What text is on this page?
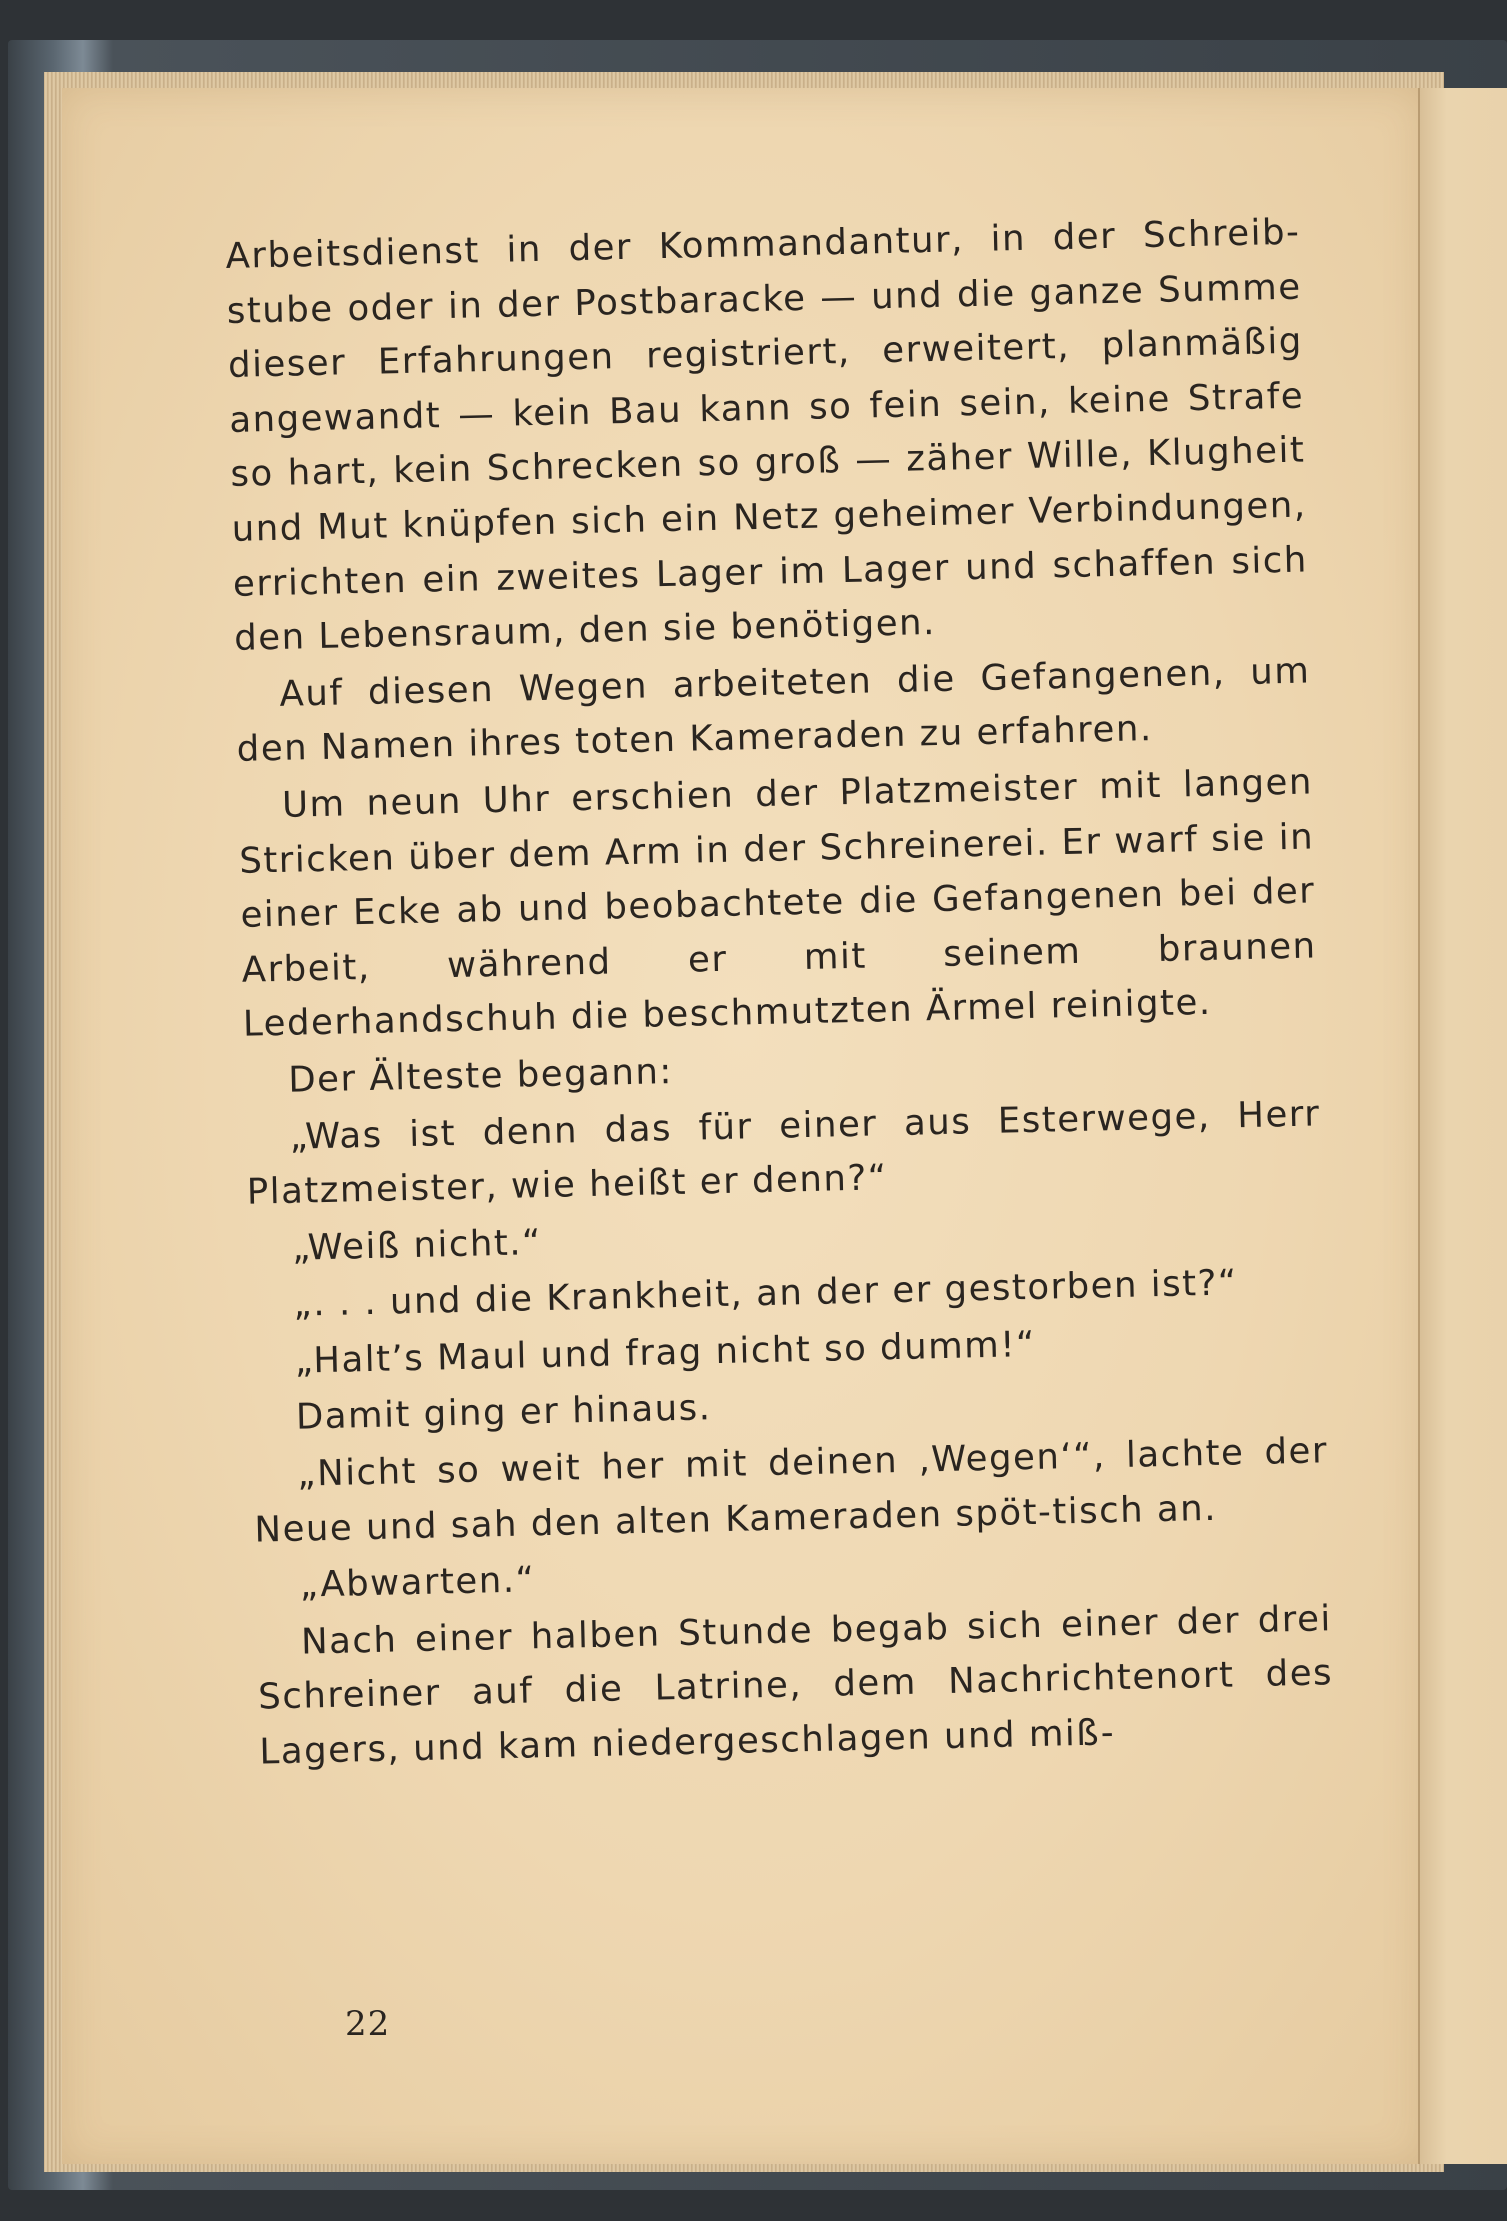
Arbeitsdienst in der Kommandantur, in der Schreib-stube oder in der Postbaracke — und die ganze Summe dieser Erfahrungen registriert, erweitert, planmäßig angewandt — kein Bau kann so fein sein, keine Strafe so hart, kein Schrecken so groß — zäher Wille, Klugheit und Mut knüpfen sich ein Netz geheimer Verbindungen, errichten ein zweites Lager im Lager und schaffen sich den Lebensraum, den sie benötigen.

Auf diesen Wegen arbeiteten die Gefangenen, um den Namen ihres toten Kameraden zu erfahren.

Um neun Uhr erschien der Platzmeister mit langen Stricken über dem Arm in der Schreinerei. Er warf sie in einer Ecke ab und beobachtete die Gefangenen bei der Arbeit, während er mit seinem braunen Lederhandschuh die beschmutzten Ärmel reinigte.

Der Älteste begann:

„Was ist denn das für einer aus Esterwege, Herr Platzmeister, wie heißt er denn?“

„Weiß nicht.“

„. . . und die Krankheit, an der er gestorben ist?“

„Halt’s Maul und frag nicht so dumm!“

Damit ging er hinaus.

„Nicht so weit her mit deinen ‚Wegen‘“, lachte der Neue und sah den alten Kameraden spöt-tisch an.

„Abwarten.“

Nach einer halben Stunde begab sich einer der drei Schreiner auf die Latrine, dem Nachrichtenort des Lagers, und kam niedergeschlagen und miß-

22
